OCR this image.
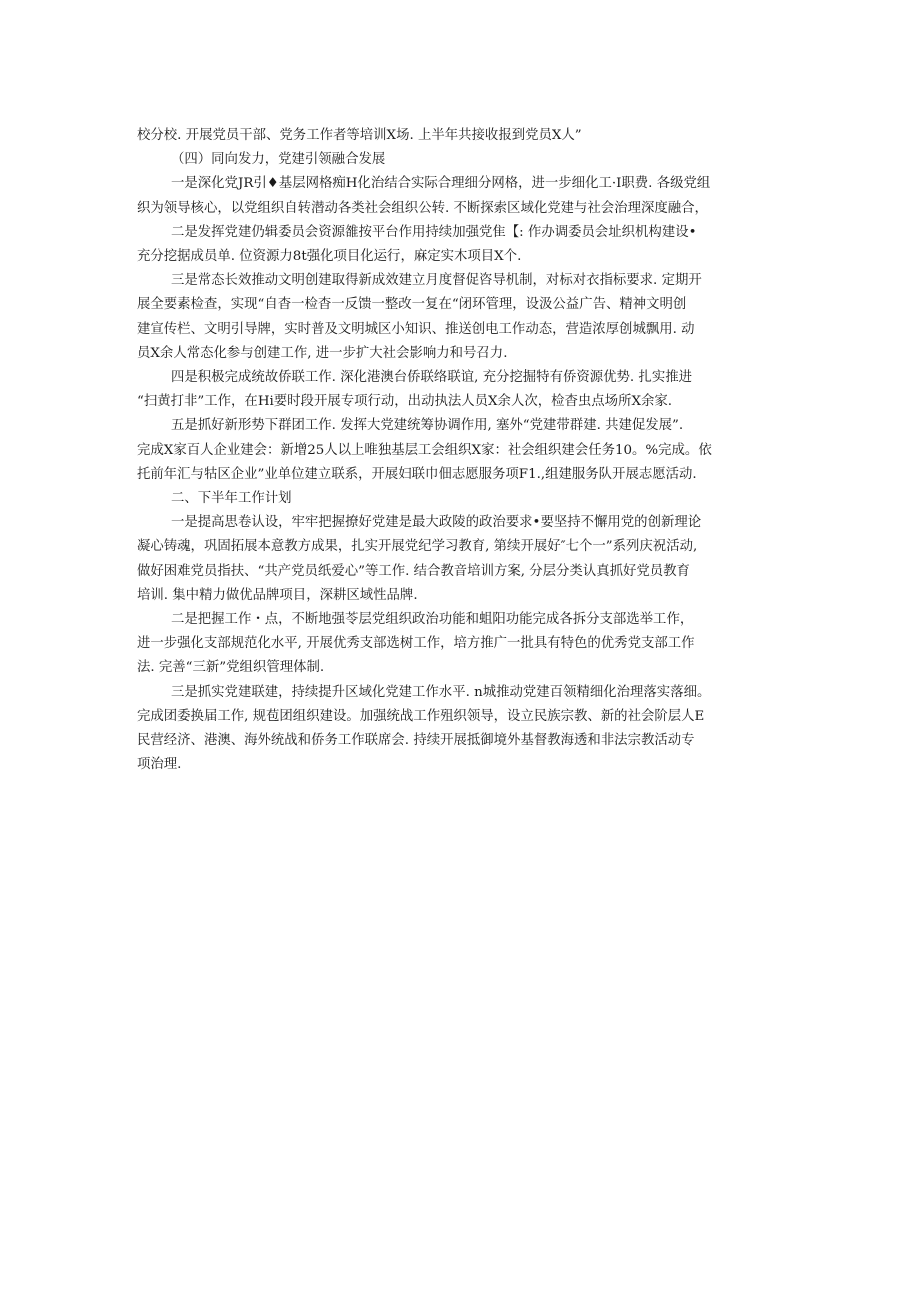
校分校. 开展党员干部、党务工作者等培训X场. 上半年共接收报到党员X人”

（四）同向发力，党建引领融合发展

一是深化党JR引♦基层网格痴H化治结合实际合理细分网格，进一步细化工·I职费. 各级党组
织为领导核心，以党组织自转潜动各类社会组织公转. 不断探索区域化党建与社会治理深度融合，

二是发挥党建仍辑委员会资源雒按平台作用持续加强党隹【: 作办调委员会址织机构建设•
充分挖据成员单. 位资源力8t强化项目化运行，麻定实木项目X个.

三是常态长效推动文明创建取得新成效建立月度督促咨导机制，对标对衣指标要求. 定期开
展全要素检查，实现“自杳一检杳一反馈一整改一复在“闭环管理，设汲公益广告、精神文明创
建宣传栏、文明引导牌，实时普及文明城区小知识、推送创电工作动态，营造浓厚创城飘用. 动
员X余人常态化参与创建工作, 进一步扩大社会影响力和号召力.

四是积极完成统故侨联工作. 深化港澳台侨联络联谊, 充分挖掘特有侨资源优势. 扎实推进
“扫黄打非”工作，在Hi要时段开展专项行动，出动执法人员X余人次，检杳虫点场所X余家.

五是抓好新形势下群团工作. 发挥大党建统筹协调作用, 塞外“党建带群建. 共建促发展”.
完成X家百人企业建会：新增25人以上唯独基层工会组织X家：社会组织建会任务10。%完成。依
托前年汇与牯区企业”业单位建立联系，开展妇联巾佃志愿服务项F1.,组建服务队开展志愿活动.

二、下半年工作计划

一是提高思卷认设，牢牢把握撩好党建是最大政陵的政治要求•要坚持不懈用党的创新理论
凝心铸魂，巩固拓展本意教方成果，扎实开展党纪学习教育, 第续开展好″七个一”系列庆祝活动,
做好困难党员指扶、“共产党员纸爱心”等工作. 结合教音培训方案, 分层分类认真抓好党员教育
培训. 集中精力做优品牌项目，深耕区域性品牌.

二是把握工作・点，不断地强苓层党组织政治功能和蛆阳功能完成各拆分支部选举工作，
进一步强化支部规范化水平, 开展优秀支部选树工作，培方推广一批具有特色的优秀党支部工作
法. 完善“三新”党组织管理体制.

三是抓实党建联建，持续提升区域化党建工作水平. n城推动党建百领精细化治理落实落细。
完成团委换届工作, 规苞团组织建设。加强统战工作殂织领导，设立民族宗教、新的社会阶层人E
民营经济、港澳、海外统战和侨务工作联席会. 持续开展抵御境外基督教海透和非法宗教活动专
项治理.
